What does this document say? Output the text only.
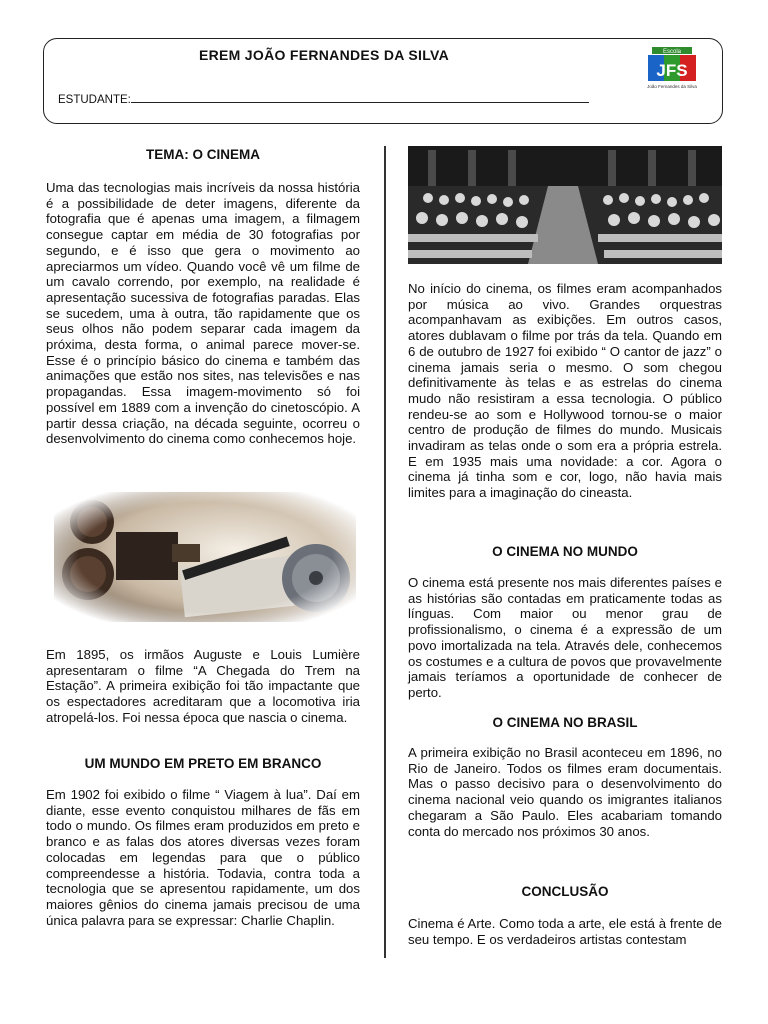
EREM JOÃO FERNANDES DA SILVA
ESTUDANTE:
Escola
JFS
João Fernandes da Silva
TEMA: O CINEMA

Uma das tecnologias mais incríveis da nossa história é a possibilidade de deter imagens, diferente da fotografia que é apenas uma imagem, a filmagem consegue captar em média de 30 fotografias por segundo, e é isso que gera o movimento ao apreciarmos um vídeo. Quando você vê um filme de um cavalo correndo, por exemplo, na realidade é apresentação sucessiva de fotografias paradas. Elas se sucedem, uma à outra, tão rapidamente que os seus olhos não podem separar cada imagem da próxima, desta forma, o animal parece mover-se. Esse é o princípio básico do cinema e também das animações que estão nos sites, nas televisões e nas propagandas. Essa imagem-movimento só foi possível em 1889 com a invenção do cinetoscópio. A partir dessa criação, na década seguinte, ocorreu o desenvolvimento do cinema como conhecemos hoje.

Em 1895, os irmãos Auguste e Louis Lumière apresentaram o filme “A Chegada do Trem na Estação”. A primeira exibição foi tão impactante que os espectadores acreditaram que a locomotiva iria atropelá-los. Foi nessa época que nascia o cinema.

UM MUNDO EM PRETO EM BRANCO

Em 1902 foi exibido o filme “ Viagem à lua”. Daí em diante, esse evento conquistou milhares de fãs em todo o mundo. Os filmes eram produzidos em preto e branco e as falas dos atores diversas vezes foram colocadas em legendas para que o público compreendesse a história. Todavia, contra toda a tecnologia que se apresentou rapidamente, um dos maiores gênios do cinema jamais precisou de uma única palavra para se expressar: Charlie Chaplin.

No início do cinema, os filmes eram acompanhados por música ao vivo. Grandes orquestras acompanhavam as exibições. Em outros casos, atores dublavam o filme por trás da tela. Quando em 6 de outubro de 1927 foi exibido “ O cantor de jazz” o cinema jamais seria o mesmo. O som chegou definitivamente às telas e as estrelas do cinema mudo não resistiram a essa tecnologia. O público rendeu-se ao som e Hollywood tornou-se o maior centro de produção de filmes do mundo. Musicais invadiram as telas onde o som era a própria estrela. E em 1935 mais uma novidade: a cor. Agora o cinema já tinha som e cor, logo, não havia mais limites para a imaginação do cineasta.

O CINEMA NO MUNDO

O cinema está presente nos mais diferentes países e as histórias são contadas em praticamente todas as línguas. Com maior ou menor grau de profissionalismo, o cinema é a expressão de um povo imortalizada na tela. Através dele, conhecemos os costumes e a cultura de povos que provavelmente jamais teríamos a oportunidade de conhecer de perto.

O CINEMA NO BRASIL

A primeira exibição no Brasil aconteceu em 1896, no Rio de Janeiro. Todos os filmes eram documentais. Mas o passo decisivo para o desenvolvimento do cinema nacional veio quando os imigrantes italianos chegaram a São Paulo. Eles acabariam tomando conta do mercado nos próximos 30 anos.

CONCLUSÃO

Cinema é Arte. Como toda a arte, ele está à frente de seu tempo. E os verdadeiros artistas contestam
